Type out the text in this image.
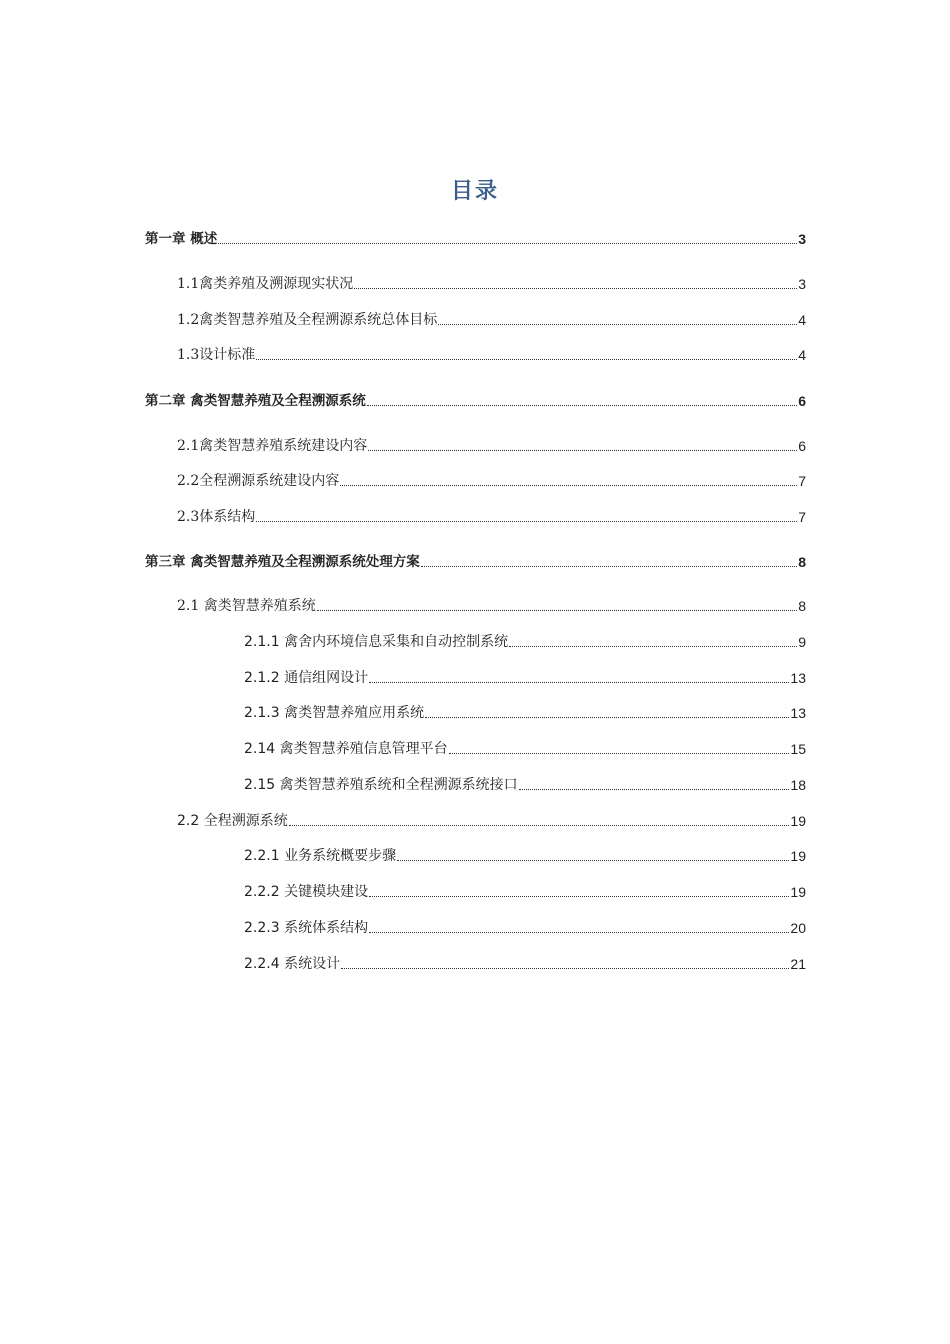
目录
第一章 概述	3
1.1禽类养殖及溯源现实状况	3
1.2禽类智慧养殖及全程溯源系统总体目标	4
1.3设计标准	4
第二章 禽类智慧养殖及全程溯源系统	6
2.1禽类智慧养殖系统建设内容	6
2.2全程溯源系统建设内容	7
2.3体系结构	7
第三章 禽类智慧养殖及全程溯源系统处理方案	8
2.1 禽类智慧养殖系统	8
2.1.1 禽舍内环境信息采集和自动控制系统	9
2.1.2 通信组网设计	13
2.1.3 禽类智慧养殖应用系统	13
2.14 禽类智慧养殖信息管理平台	15
2.15 禽类智慧养殖系统和全程溯源系统接口	18
2.2 全程溯源系统	19
2.2.1 业务系统概要步骤	19
2.2.2 关键模块建设	19
2.2.3 系统体系结构	20
2.2.4 系统设计	21
